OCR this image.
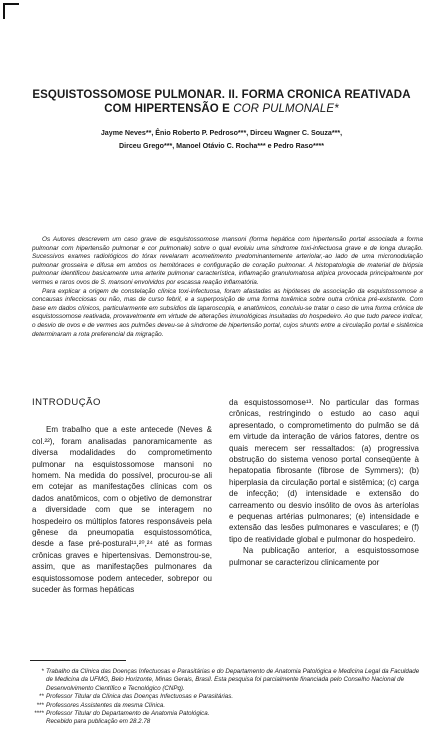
ESQUISTOSSOMOSE PULMONAR. II. FORMA CRONICA REATIVADA
COM HIPERTENSÃO E COR PULMONALE*
Jayme Neves**, Ênio Roberto P. Pedroso***, Dirceu Wagner C. Souza***,
Dirceu Grego***, Manoel Otávio C. Rocha*** e Pedro Raso****

Os Autores descrevem um caso grave de esquistossomose mansoni (forma hepática com hipertensão portal associada a forma pulmonar com hipertensão pulmonar e cor pulmonale) sobre o qual evoluiu uma síndrome toxi-infectuosa grave e de longa duração. Sucessivos exames radiológicos do tórax revelaram acometimento predominantemente arteriolar,-ao lado de uma micronodulação pulmonar grosseira e difusa em ambos os hemitóraces e configuração de coração pulmonar. A histopatologia de material de biópsia pulmonar identificou basicamente uma arterite pulmonar característica, inflamação granulomatosa atípica provocada principalmente por vermes e raros ovos de S. mansoni envolvidos por escassa reação inflamatória.

Para explicar a origem de constelação clínica toxi-infectuosa, foram afastadas as hipóteses de associação da esquistossomose a concausas infecciosas ou não, mas de curso febril, e a superposição de uma forma toxêmica sobre outra crônica pré-existente. Com base em dados clínicos, particularmente em subsídios da laparoscopia, e anatômicos, concluiu-se tratar o caso de uma forma crônica de esquistossomose reativada, provavelmente em virtude de alterações imunológicas insuitadas do hospedeiro. Ao que tudo parece indicar, o desvio de ovos e de vermes aos pulmões deveu-se à síndrome de hipertensão portal, cujos shunts entre a circulação portal e sistêmica determinaram a rota preferencial da migração.

INTRODUÇÃO

Em trabalho que a este antecede (Neves & col.²²), foram analisadas panoramicamente as diversa modalidades do comprometimento pulmonar na esquistossomose mansoni no homem. Na medida do possível, procurou-se ali em cotejar as manifestações clínicas com os dados anatômicos, com o objetivo de demonstrar a diversidade com que se interagem no hospedeiro os múltiplos fatores responsáveis pela gênese da pneumopatia esquistossomótica, desde a fase pré-postural¹¹,²⁰,²⁴ até as formas crônicas graves e hipertensivas. Demonstrou-se, assim, que as manifestações pulmonares da esquistossomose podem anteceder, sobrepor ou suceder às formas hepáticas

da esquistossomose¹³. No particular das formas crônicas, restringindo o estudo ao caso aqui apresentado, o comprometimento do pulmão se dá em virtude da interação de vários fatores, dentre os quais merecem ser ressaltados: (a) progressiva obstrução do sistema venoso portal conseqüente à hepatopatia fibrosante (fibrose de Symmers); (b) hiperplasia da circulação portal e sistêmica; (c) carga de infecção; (d) intensidade e extensão do carreamento ou desvio insólito de ovos às arteríolas e pequenas artérias pulmonares; (e) intensidade e extensão das lesões pulmonares e vasculares; e (f) tipo de reatividade global e pulmonar do hospedeiro.

Na publicação anterior, a esquistossomose pulmonar se caracterizou clinicamente por

* Trabalho da Clínica das Doenças Infectuosas e Parasitárias e do Departamento de Anatomia Patológica e Medicina Legal da Faculdade de Medicina da UFMG, Belo Horizonte, Minas Gerais, Brasil. Esta pesquisa foi parcialmente financiada pelo Conselho Nacional de Desenvolvimento Científico e Tecnológico (CNPq).

** Professor Titular da Clínica das Doenças Infectuosas e Parasitárias.

*** Professores Assistentes da mesma Clínica.

**** Professor Titular do Departamento de Anatomia Patológica.

Recebido para publicação em 28.2.78
